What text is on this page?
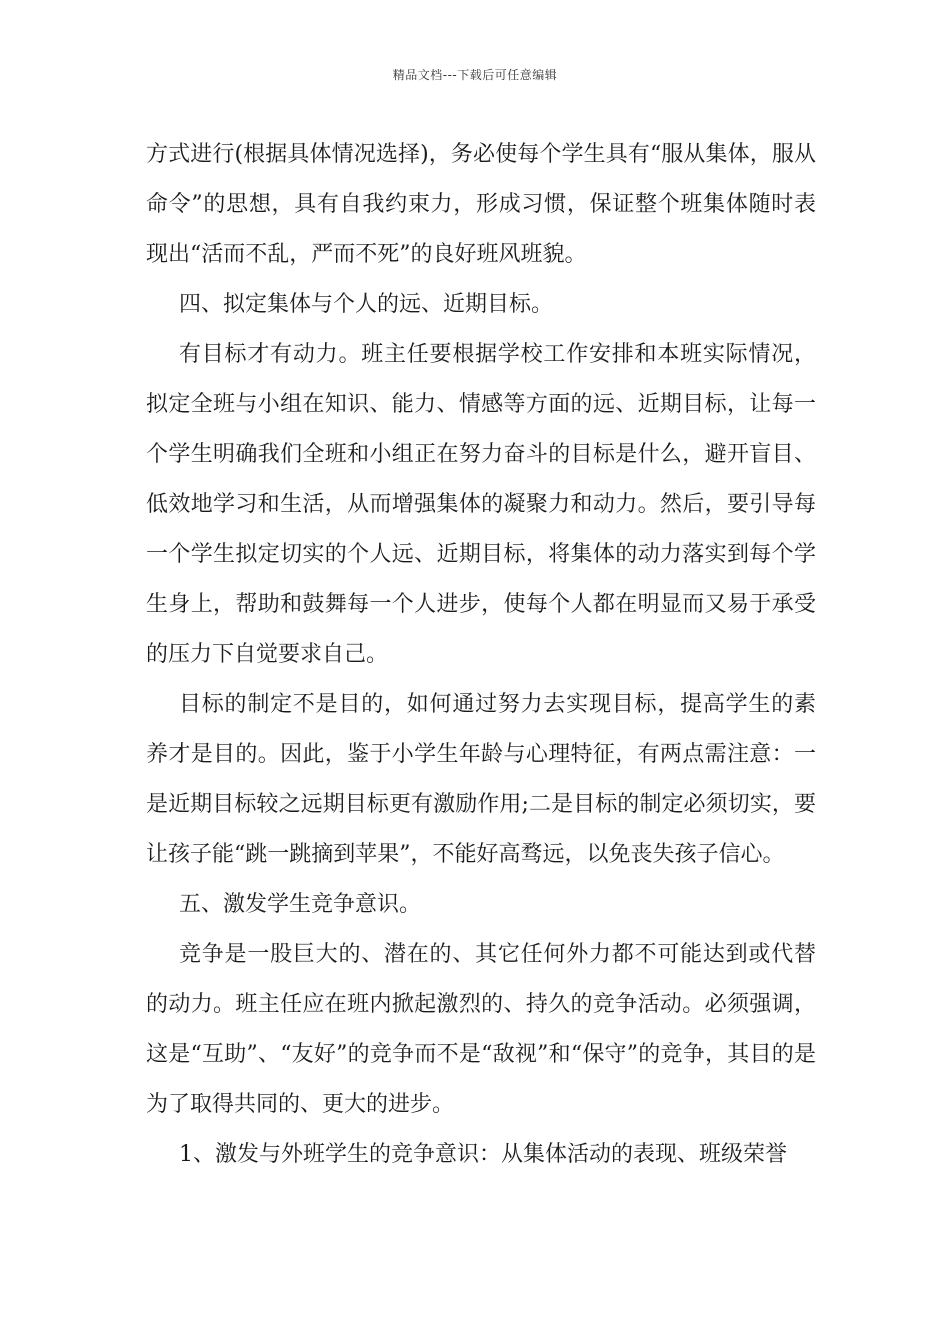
精品文档---下载后可任意编辑

方式进行(根据具体情况选择)，务必使每个学生具有“服从集体，服从命令”的思想，具有自我约束力，形成习惯，保证整个班集体随时表现出“活而不乱，严而不死”的良好班风班貌。

四、拟定集体与个人的远、近期目标。

有目标才有动力。班主任要根据学校工作安排和本班实际情况，拟定全班与小组在知识、能力、情感等方面的远、近期目标，让每一个学生明确我们全班和小组正在努力奋斗的目标是什么，避开盲目、低效地学习和生活，从而增强集体的凝聚力和动力。然后，要引导每一个学生拟定切实的个人远、近期目标，将集体的动力落实到每个学生身上，帮助和鼓舞每一个人进步，使每个人都在明显而又易于承受的压力下自觉要求自己。

目标的制定不是目的，如何通过努力去实现目标，提高学生的素养才是目的。因此，鉴于小学生年龄与心理特征，有两点需注意：一是近期目标较之远期目标更有激励作用;二是目标的制定必须切实，要让孩子能“跳一跳摘到苹果”，不能好高骛远，以免丧失孩子信心。

五、激发学生竞争意识。

竞争是一股巨大的、潜在的、其它任何外力都不可能达到或代替的动力。班主任应在班内掀起激烈的、持久的竞争活动。必须强调，这是“互助”、“友好”的竞争而不是“敌视”和“保守”的竞争，其目的是为了取得共同的、更大的进步。

1、激发与外班学生的竞争意识：从集体活动的表现、班级荣誉
